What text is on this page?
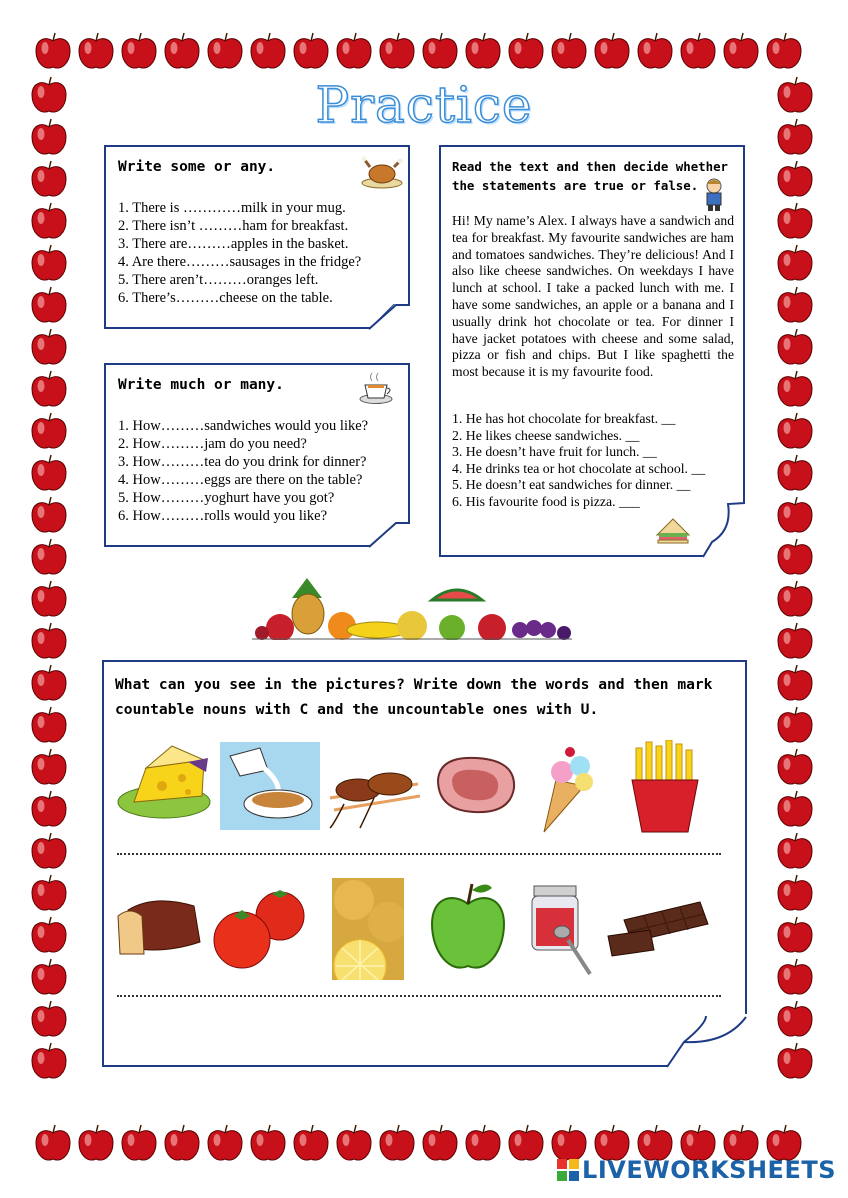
Practice
Write some or any.
1. There is …………milk in your mug.
2. There isn’t ………ham for breakfast.
3. There are………apples in the basket.
4. Are there………sausages in the fridge?
5. There aren’t………oranges left.
6. There’s………cheese on the table.
Write much or many.
1. How………sandwiches would you like?
2. How………jam do you need?
3. How………tea do you drink for dinner?
4. How………eggs are there on the table?
5. How………yoghurt have you got?
6. How………rolls would you like?
Read the text and then decide whether
the statements are true or false.
Hi! My name’s Alex. I always have a sandwich and tea for breakfast. My favourite sandwiches are ham and tomatoes sandwiches. They’re delicious! And I also like cheese sandwiches. On weekdays I have lunch at school. I take a packed lunch with me. I have some sandwiches, an apple or a banana and I usually drink hot chocolate or tea. For dinner I have jacket potatoes with cheese and some salad, pizza or fish and chips. But I like spaghetti the most because it is my favourite food.
1. He has hot chocolate for breakfast. __
2. He likes cheese sandwiches. __
3. He doesn’t have fruit for lunch. __
4. He drinks tea or hot chocolate at school. __
5. He doesn’t eat sandwiches for dinner. __
6. His favourite food is pizza. ___
What can you see in the pictures? Write down the words and then mark
countable nouns with C and the uncountable ones with U.
LIVEWORKSHEETS
